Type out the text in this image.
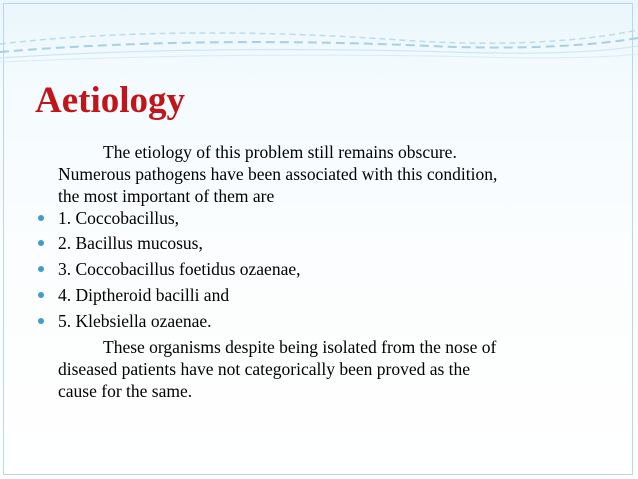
Aetiology
The etiology of this problem still remains obscure.
Numerous pathogens have been associated with this condition,
the most important of them are
1. Coccobacillus,
2. Bacillus mucosus,
3. Coccobacillus foetidus ozaenae,
4. Diptheroid bacilli and
5. Klebsiella ozaenae.
These organisms despite being isolated from the nose of
diseased patients have not categorically been proved as the
cause for the same.
